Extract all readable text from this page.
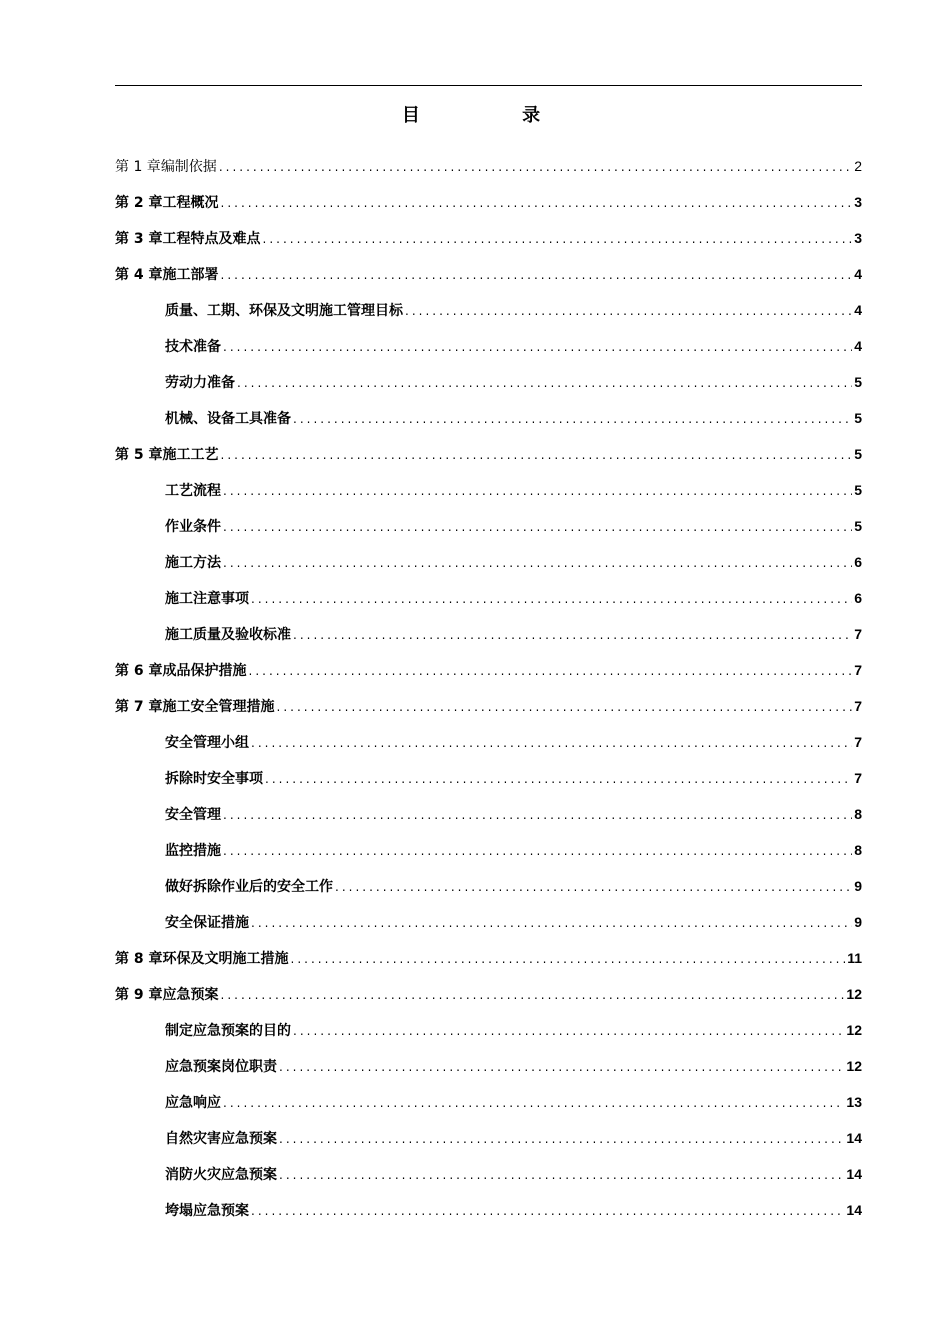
目 录
第 1 章 编制依据 .....	2
第 2 章 工程概况 .....	3
第 3 章 工程特点及难点 .....	3
第 4 章 施工部署 .....	4
质量、工期、环保及文明施工管理目标 .....	4
技术准备 .....	4
劳动力准备 .....	5
机械、设备工具准备 .....	5
第 5 章 施工工艺 .....	5
工艺流程 .....	5
作业条件 .....	5
施工方法 .....	6
施工注意事项 .....	6
施工质量及验收标准 .....	7
第 6 章 成品保护措施 .....	7
第 7 章 施工安全管理措施 .....	7
安全管理小组 .....	7
拆除时安全事项 .....	7
安全管理 .....	8
监控措施 .....	8
做好拆除作业后的安全工作 .....	9
安全保证措施 .....	9
第 8 章 环保及文明施工措施 .....	11
第 9 章 应急预案 .....	12
制定应急预案的目的 .....	12
应急预案岗位职责 .....	12
应急响应 .....	13
自然灾害应急预案 .....	14
消防火灾应急预案 .....	14
垮塌应急预案 .....	14
